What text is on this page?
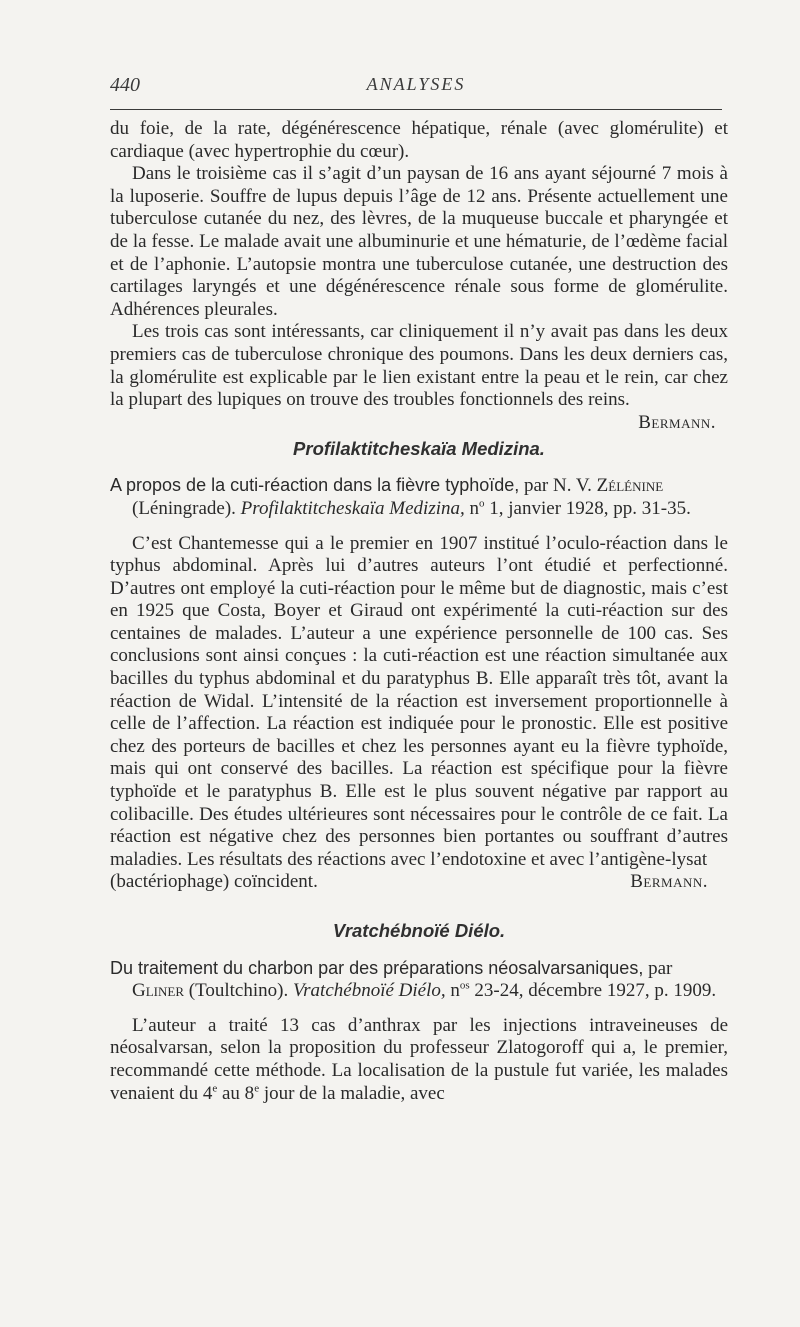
440	ANALYSES

du foie, de la rate, dégénérescence hépatique, rénale (avec glomérulite) et cardiaque (avec hypertrophie du cœur).

Dans le troisième cas il s’agit d’un paysan de 16 ans ayant séjourné 7 mois à la luposerie. Souffre de lupus depuis l’âge de 12 ans. Présente actuellement une tuberculose cutanée du nez, des lèvres, de la muqueuse buccale et pharyngée et de la fesse. Le malade avait une albuminurie et une hématurie, de l’œdème facial et de l’aphonie. L’autopsie montra une tuberculose cutanée, une destruction des cartilages laryngés et une dégénérescence rénale sous forme de glomérulite. Adhérences pleurales.

Les trois cas sont intéressants, car cliniquement il n’y avait pas dans les deux premiers cas de tuberculose chronique des poumons. Dans les deux derniers cas, la glomérulite est explicable par le lien existant entre la peau et le rein, car chez la plupart des lupiques on trouve des troubles fonctionnels des reins.
Bermann.

Profilaktitcheskaïa Medizina.

A propos de la cuti-réaction dans la fièvre typhoïde, par N. V. Zélénine (Léningrade). Profilaktitcheskaïa Medizina, $n^o$ 1, janvier 1928, pp. 31-35.

C’est Chantemesse qui a le premier en 1907 institué l’oculo-réaction dans le typhus abdominal. Après lui d’autres auteurs l’ont étudié et perfectionné. D’autres ont employé la cuti-réaction pour le même but de diagnostic, mais c’est en 1925 que Costa, Boyer et Giraud ont expérimenté la cuti-réaction sur des centaines de malades. L’auteur a une expérience personnelle de 100 cas. Ses conclusions sont ainsi conçues : la cuti-réaction est une réaction simultanée aux bacilles du typhus abdominal et du paratyphus B. Elle apparaît très tôt, avant la réaction de Widal. L’intensité de la réaction est inversement proportionnelle à celle de l’affection. La réaction est indiquée pour le pronostic. Elle est positive chez des porteurs de bacilles et chez les personnes ayant eu la fièvre typhoïde, mais qui ont conservé des bacilles. La réaction est spécifique pour la fièvre typhoïde et le paratyphus B. Elle est le plus souvent négative par rapport au colibacille. Des études ultérieures sont nécessaires pour le contrôle de ce fait. La réaction est négative chez des personnes bien portantes ou souffrant d’autres maladies. Les résultats des réactions avec l’endotoxine et avec l’antigène-lysat

(bactériophage) coïncident.	Bermann.
Vratchébnoïé Diélo.

Du traitement du charbon par des préparations néosalvarsaniques, par Gliner (Toultchino). Vratchébnoïé Diélo, $n^{os}$ 23-24, décembre 1927, p. 1909.

L’auteur a traité 13 cas d’anthrax par les injections intraveineuses de néosalvarsan, selon la proposition du professeur Zlatogoroff qui a, le premier, recommandé cette méthode. La localisation de la pustule fut variée, les malades venaient du 4e au 8e jour de la maladie, avec
